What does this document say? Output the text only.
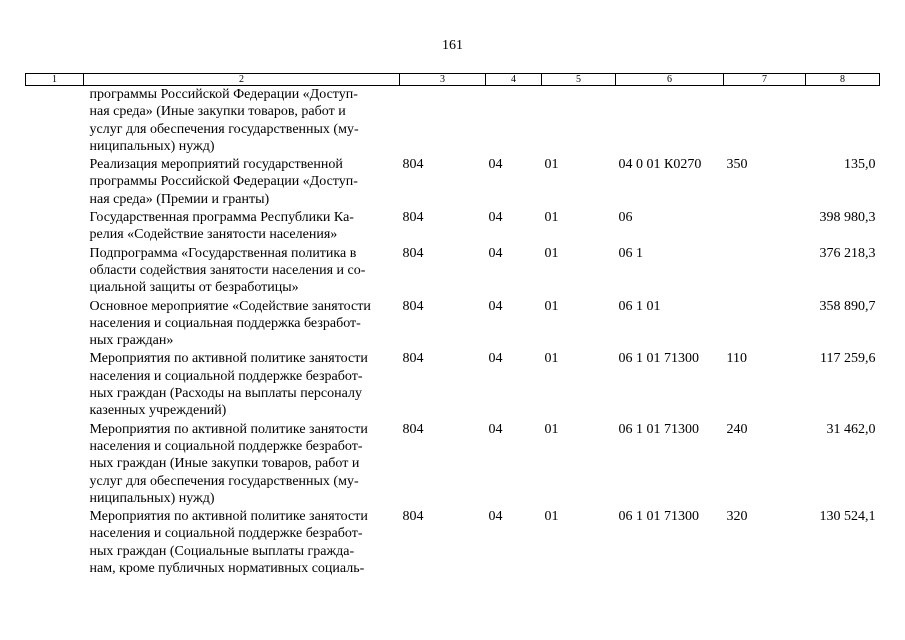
161
1	2	3	4	5	6	7	8

	программы Российской Федерации «Доступ-
ная среда» (Иные закупки товаров, работ и
услуг для обеспечения государственных (му-
ниципальных) нужд)						

	Реализация мероприятий государственной
программы Российской Федерации «Доступ-
ная среда» (Премии и гранты)	804	04	01	04 0 01 К0270	350	135,0

	Государственная программа Республики Ка-
релия «Содействие занятости населения»	804	04	01	06		398 980,3

	Подпрограмма «Государственная политика в
области содействия занятости населения и со-
циальной защиты от безработицы»	804	04	01	06 1		376 218,3

	Основное мероприятие «Содействие занятости
населения и социальная поддержка безработ-
ных граждан»	804	04	01	06 1 01		358 890,7

	Мероприятия по активной политике занятости
населения и социальной поддержке безработ-
ных граждан (Расходы на выплаты персоналу
казенных учреждений)	804	04	01	06 1 01 71300	110	117 259,6

	Мероприятия по активной политике занятости
населения и социальной поддержке безработ-
ных граждан (Иные закупки товаров, работ и
услуг для обеспечения государственных (му-
ниципальных) нужд)	804	04	01	06 1 01 71300	240	31 462,0

	Мероприятия по активной политике занятости
населения и социальной поддержке безработ-
ных граждан (Социальные выплаты гражда-
нам, кроме публичных нормативных социаль-	804	04	01	06 1 01 71300	320	130 524,1
